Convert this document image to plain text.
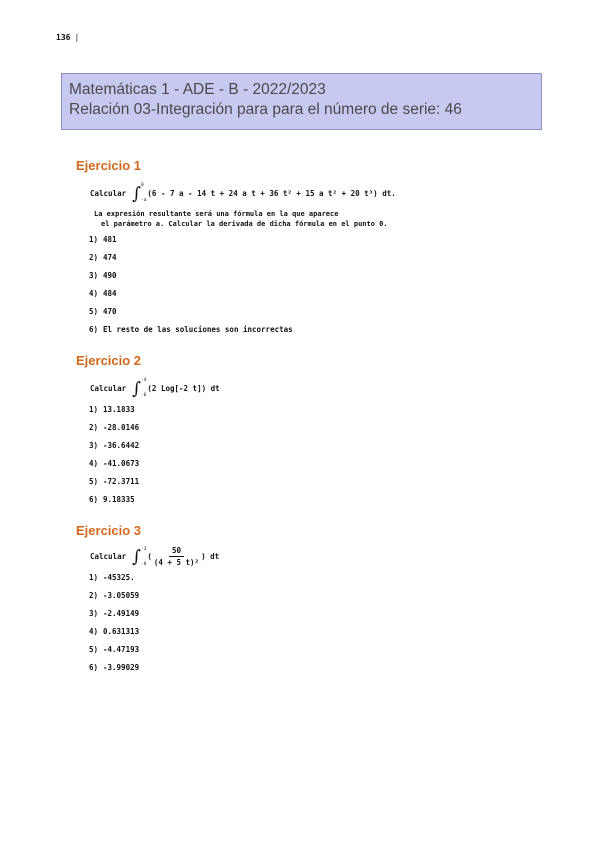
136 |
Matemáticas 1 - ADE - B - 2022/2023
Relación 03-Integración para para el número de serie: 46
Ejercicio 1
Calcular ∫ 0
-a
(6 - 7 a - 14 t + 24 a t + 36 t² + 15 a t² + 20 t³) dt.
La expresión resultante será una fórmula en la que aparece
el parámetro a. Calcular la derivada de dicha fórmula en el punto 0.
1) 481
2) 474
3) 490
4) 484
5) 470
6) El resto de las soluciones son incorrectas
Ejercicio 2
Calcular ∫ -4
-6
(2 Log[-2 t]) dt
1) 13.1833
2) -28.0146
3) -36.6442
4) -41.0673
5) -72.3711
6) 9.18335
Ejercicio 3
Calcular ∫ -3
-8
( $\frac{50}{\text{(4 + 5 t)²}}$ ) dt
1) -45325.
2) -3.05059
3) -2.49149
4) 0.631313
5) -4.47193
6) -3.99029
